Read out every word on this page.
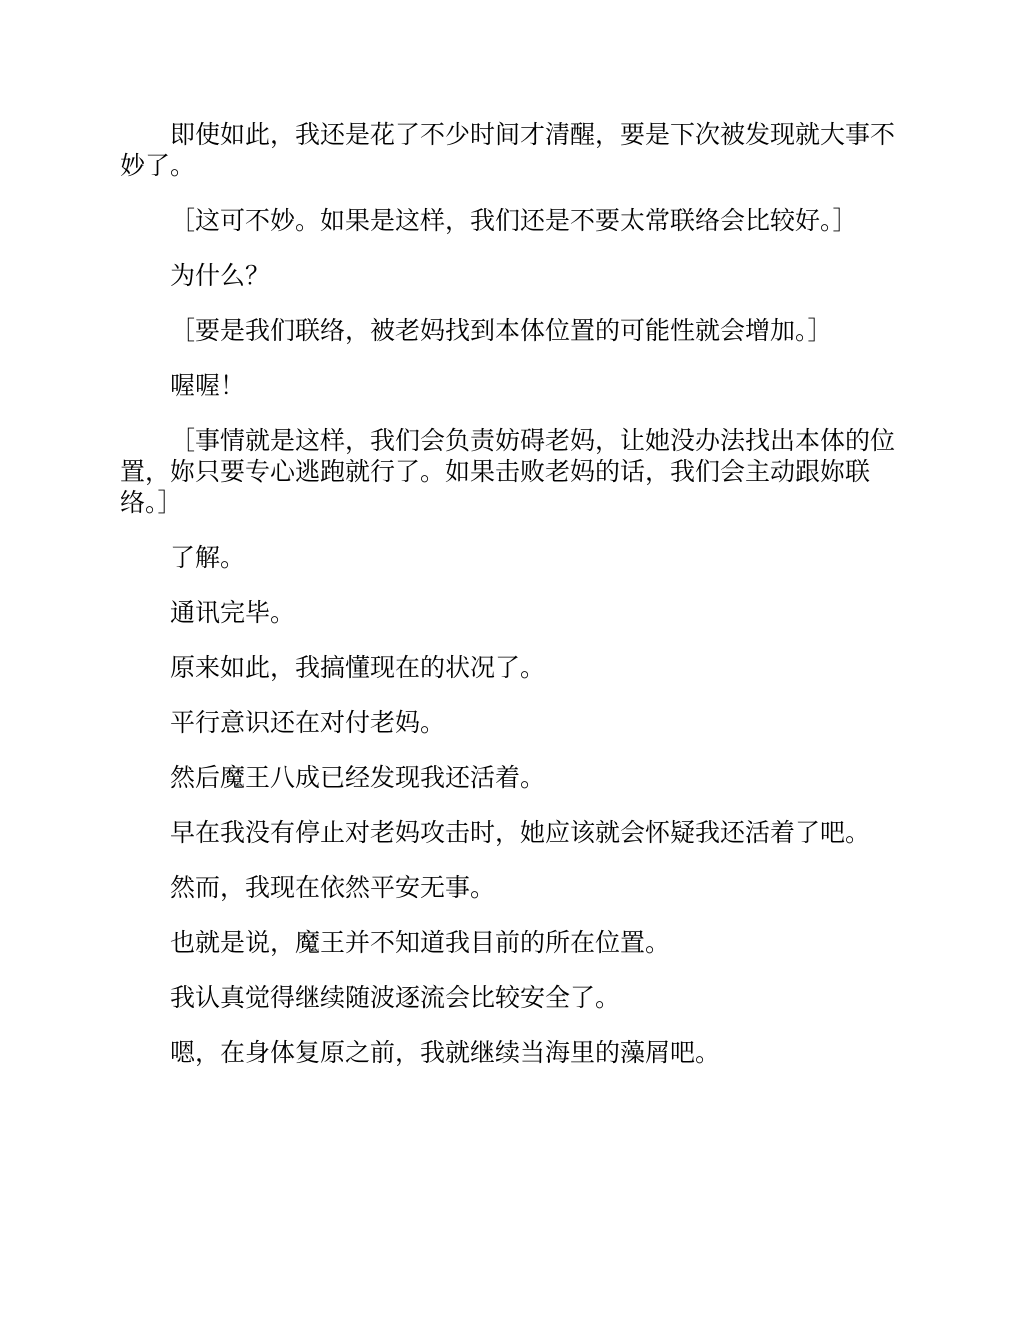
即使如此，我还是花了不少时间才清醒，要是下次被发现就大事不妙了。

［这可不妙。如果是这样，我们还是不要太常联络会比较好。］

为什么？

［要是我们联络，被老妈找到本体位置的可能性就会增加。］

喔喔！

［事情就是这样，我们会负责妨碍老妈，让她没办法找出本体的位置，妳只要专心逃跑就行了。如果击败老妈的话，我们会主动跟妳联络。］

了解。

通讯完毕。

原来如此，我搞懂现在的状况了。

平行意识还在对付老妈。

然后魔王八成已经发现我还活着。

早在我没有停止对老妈攻击时，她应该就会怀疑我还活着了吧。

然而，我现在依然平安无事。

也就是说，魔王并不知道我目前的所在位置。

我认真觉得继续随波逐流会比较安全了。

嗯，在身体复原之前，我就继续当海里的藻屑吧。
